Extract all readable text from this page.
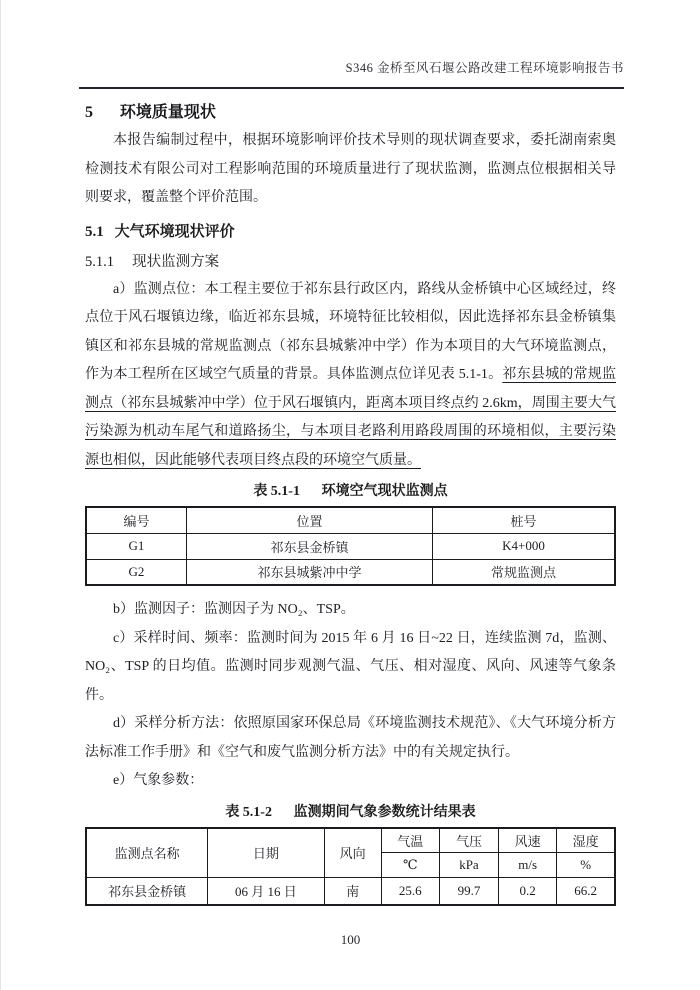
S346 金桥至风石堰公路改建工程环境影响报告书
5 环境质量现状

本报告编制过程中，根据环境影响评价技术导则的现状调查要求，委托湖南索奥检测技术有限公司对工程影响范围的环境质量进行了现状监测，监测点位根据相关导则要求，覆盖整个评价范围。

5.1 大气环境现状评价
5.1.1 现状监测方案

a）监测点位：本工程主要位于祁东县行政区内，路线从金桥镇中心区域经过，终点位于风石堰镇边缘，临近祁东县城，环境特征比较相似，因此选择祁东县金桥镇集镇区和祁东县城的常规监测点（祁东县城紫冲中学）作为本项目的大气环境监测点，作为本工程所在区域空气质量的背景。具体监测点位详见表 5.1-1。祁东县城的常规监测点（祁东县城紫冲中学）位于风石堰镇内，距离本项目终点约 2.6km，周围主要大气污染源为机动车尾气和道路扬尘，与本项目老路利用路段周围的环境相似，主要污染源也相似，因此能够代表项目终点段的环境空气质量。

表 5.1-1 环境空气现状监测点
编号	位置	桩号
G1	祁东县金桥镇	K4+000
G2	祁东县城紫冲中学	常规监测点

b）监测因子：监测因子为 NO₂、TSP。

c）采样时间、频率：监测时间为 2015 年 6 月 16 日~22 日，连续监测 7d，监测、NO₂、TSP 的日均值。监测时同步观测气温、气压、相对湿度、风向、风速等气象条件。

d）采样分析方法：依照原国家环保总局《环境监测技术规范》、《大气环境分析方法标准工作手册》和《空气和废气监测分析方法》中的有关规定执行。

e）气象参数：

表 5.1-2 监测期间气象参数统计结果表
监测点名称	日期	风向	气温	气压	风速	湿度
			℃	kPa	m/s	%
祁东县金桥镇	06 月 16 日	南	25.6	99.7	0.2	66.2
100
